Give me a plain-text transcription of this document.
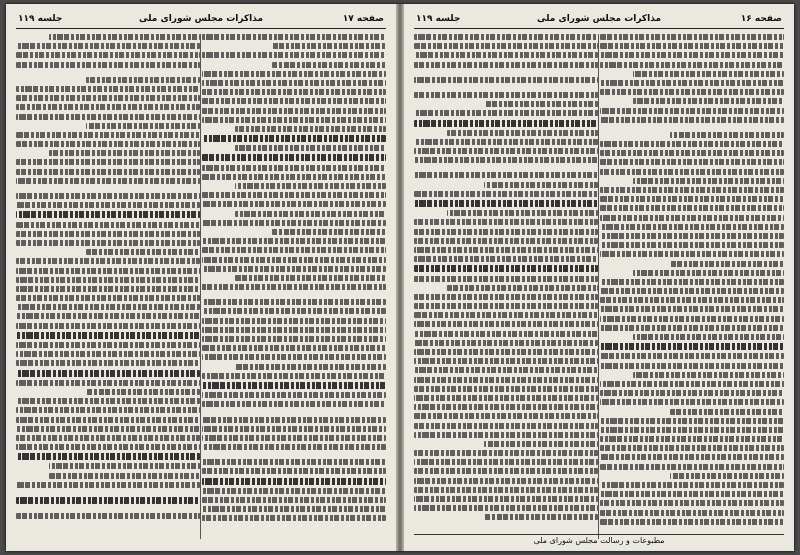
صفحه ۱۷
مذاکرات مجلس شورای ملی
جلسه ۱۱۹	صفحه ۱۶
مذاکرات مجلس شورای ملی
جلسه ۱۱۹
مطبوعات و رسالت مجلس شورای ملی
